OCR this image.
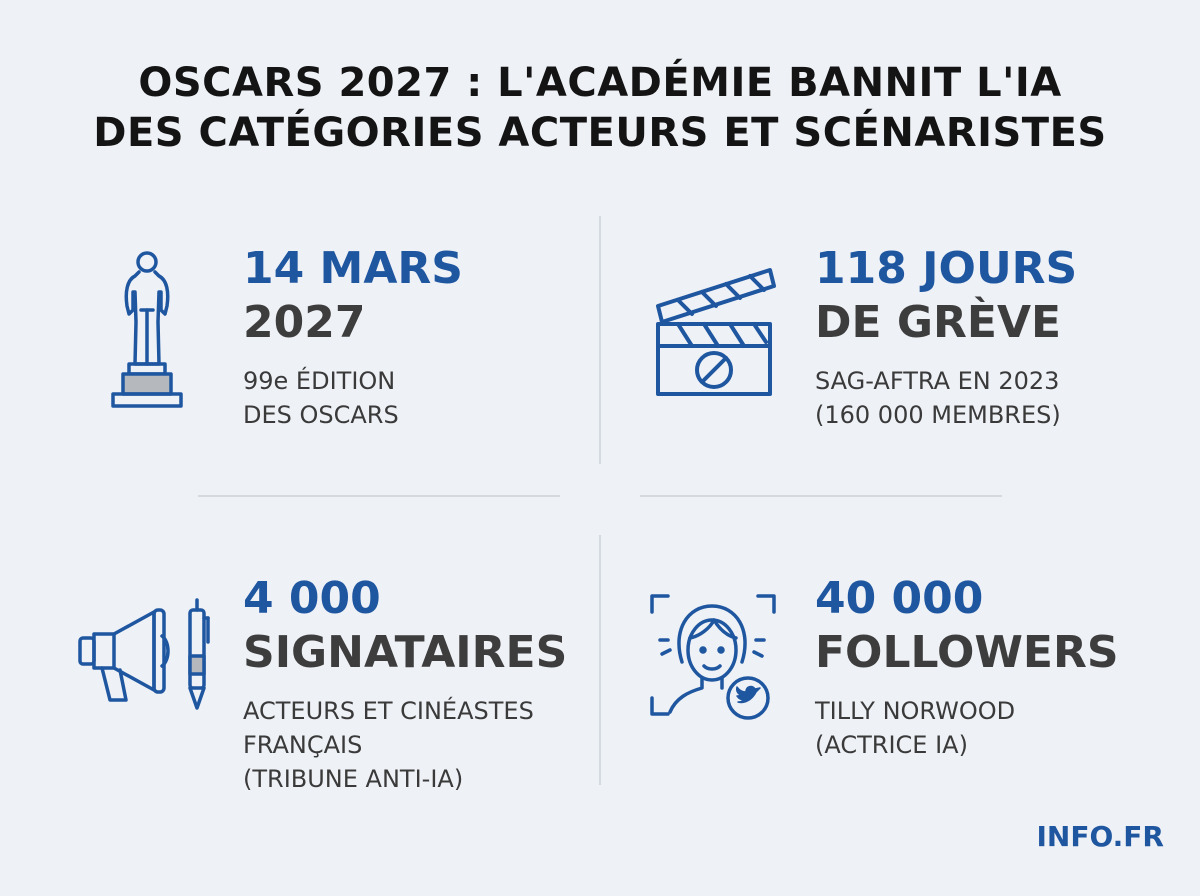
OSCARS 2027 : L'ACADÉMIE BANNIT L'IA
DES CATÉGORIES ACTEURS ET SCÉNARISTES
14 MARS
2027
99e ÉDITION
DES OSCARS
118 JOURS
DE GRÈVE
SAG-AFTRA EN 2023
(160 000 MEMBRES)
4 000
SIGNATAIRES
ACTEURS ET CINÉASTES
FRANÇAIS
(TRIBUNE ANTI-IA)
40 000
FOLLOWERS
TILLY NORWOOD
(ACTRICE IA)
INFO.FR
